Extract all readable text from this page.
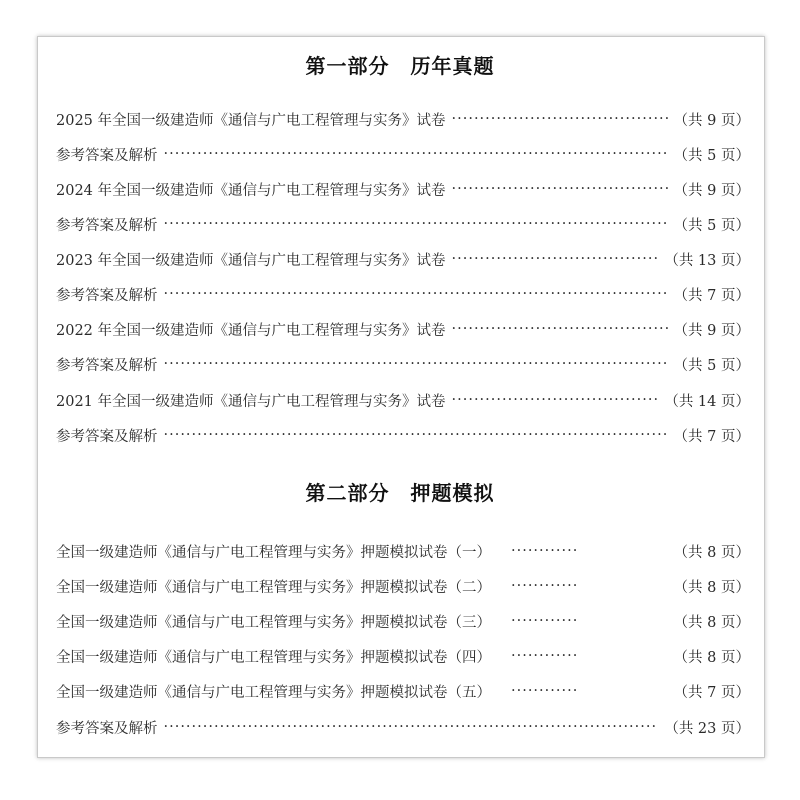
第一部分　历年真题
2025 年全国一级建造师《通信与广电工程管理与实务》试卷 ·····	（共 9 页）
参考答案及解析 ·····	（共 5 页）
2024 年全国一级建造师《通信与广电工程管理与实务》试卷 ·····	（共 9 页）
参考答案及解析 ·····	（共 5 页）
2023 年全国一级建造师《通信与广电工程管理与实务》试卷 ·····	（共 13 页）
参考答案及解析 ·····	（共 7 页）
2022 年全国一级建造师《通信与广电工程管理与实务》试卷 ·····	（共 9 页）
参考答案及解析 ·····	（共 5 页）
2021 年全国一级建造师《通信与广电工程管理与实务》试卷 ·····	（共 14 页）
参考答案及解析 ·····	（共 7 页）
第二部分　押题模拟
全国一级建造师《通信与广电工程管理与实务》押题模拟试卷（一） ·····	（共 8 页）
全国一级建造师《通信与广电工程管理与实务》押题模拟试卷（二） ·····	（共 8 页）
全国一级建造师《通信与广电工程管理与实务》押题模拟试卷（三） ·····	（共 8 页）
全国一级建造师《通信与广电工程管理与实务》押题模拟试卷（四） ·····	（共 8 页）
全国一级建造师《通信与广电工程管理与实务》押题模拟试卷（五） ·····	（共 7 页）
参考答案及解析 ·····	（共 23 页）
